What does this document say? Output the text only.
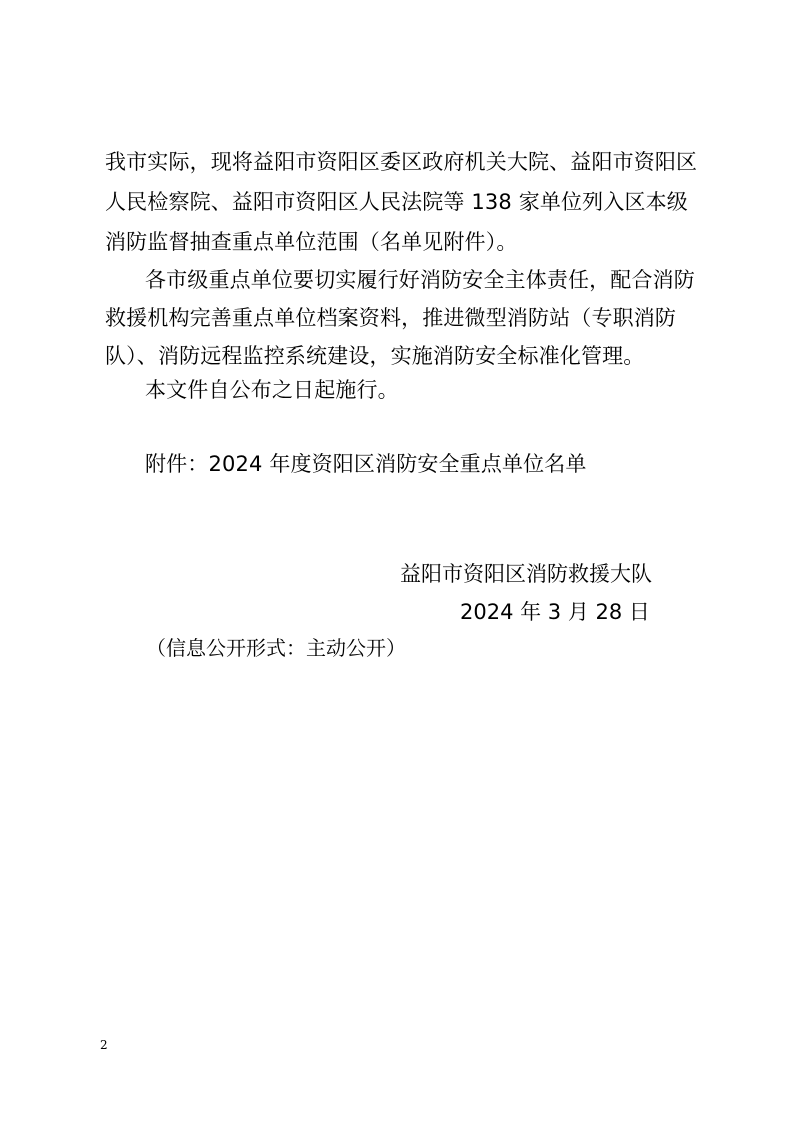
我市实际，现将益阳市资阳区委区政府机关大院、益阳市资阳区
人民检察院、益阳市资阳区人民法院等 138 家单位列入区本级
消防监督抽查重点单位范围（名单见附件）。
各市级重点单位要切实履行好消防安全主体责任，配合消防
救援机构完善重点单位档案资料，推进微型消防站（专职消防
队）、消防远程监控系统建设，实施消防安全标准化管理。
本文件自公布之日起施行。
附件：2024 年度资阳区消防安全重点单位名单
益阳市资阳区消防救援大队
2024 年 3 月 28 日
（信息公开形式：主动公开）
2
